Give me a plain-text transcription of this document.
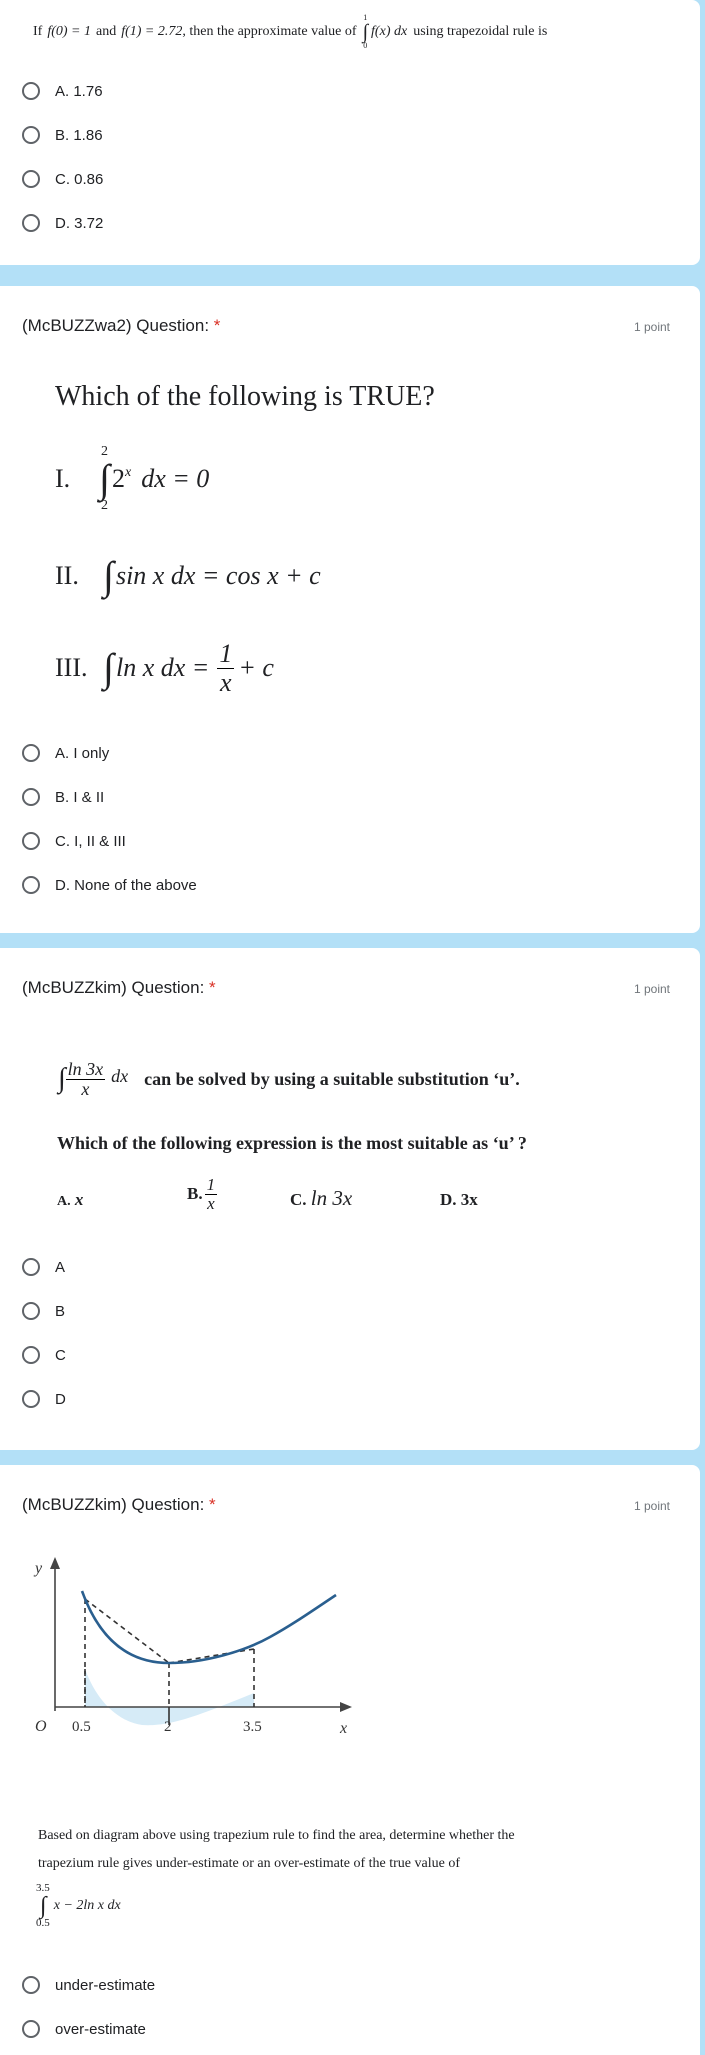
If f(0) = 1 and f(1) = 2.72 , then the approximate value of
1
∫
0
f(x) dx using trapezoidal rule is
A. 1.76
B. 1.86
C. 0.86
D. 3.72
(McBUZZwa2) Question: *	1 point
Which of the following is TRUE?
I.
2
∫
2
2$^x$ dx = 0
II. ∫ sin x dx = cos x + c
III. ∫ ln x dx = $\frac{1}{x} + c$
A. I only
B. I & II
C. I, II & III
D. None of the above
(McBUZZkim) Question: *	1 point
∫ $\frac{\ln 3x}{x}$ dx can be solved by using a suitable substitution ‘u’.
Which of the following expression is the most suitable as ‘u’ ?
A. x	B. $\frac{1}{x}$	C. ln 3x	D. 3x
A
B
C
D
(McBUZZkim) Question: *	1 point
y
O	x
0.5	2	3.5
Based on diagram above using trapezium rule to find the area, determine whether the
trapezium rule gives under-estimate or an over-estimate of the true value of
3.5
∫
0.5
x − 2ln x dx
under-estimate
over-estimate
